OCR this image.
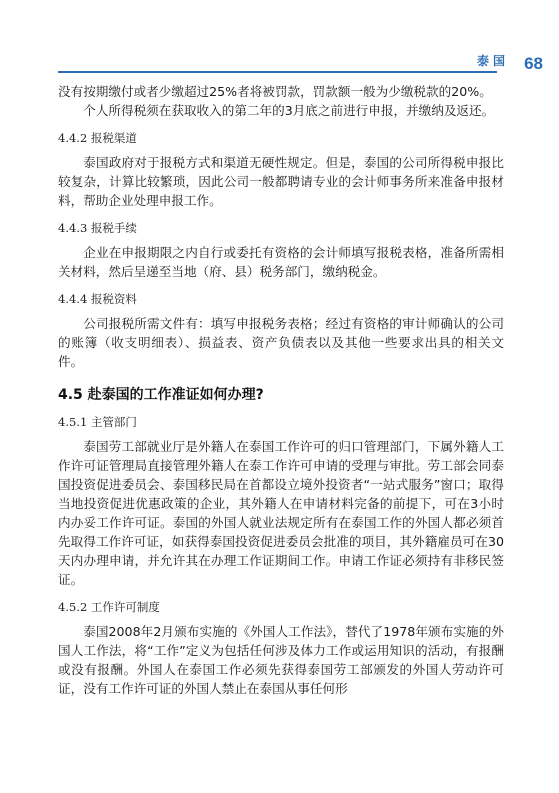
泰国 68

没有按期缴付或者少缴超过25%者将被罚款，罚款额一般为少缴税款的20%。

个人所得税须在获取收入的第二年的3月底之前进行申报，并缴纳及返还。

4.4.2 报税渠道

泰国政府对于报税方式和渠道无硬性规定。但是，泰国的公司所得税申报比较复杂，计算比较繁琐，因此公司一般都聘请专业的会计师事务所来准备申报材料，帮助企业处理申报工作。

4.4.3 报税手续

企业在申报期限之内自行或委托有资格的会计师填写报税表格，准备所需相关材料，然后呈递至当地（府、县）税务部门，缴纳税金。

4.4.4 报税资料

公司报税所需文件有：填写申报税务表格；经过有资格的审计师确认的公司的账簿（收支明细表）、损益表、资产负债表以及其他一些要求出具的相关文件。

4.5 赴泰国的工作准证如何办理?
4.5.1 主管部门

泰国劳工部就业厅是外籍人在泰国工作许可的归口管理部门，下属外籍人工作许可证管理局直接管理外籍人在泰工作许可申请的受理与审批。劳工部会同泰国投资促进委员会、泰国移民局在首都设立境外投资者“一站式服务”窗口；取得当地投资促进优惠政策的企业，其外籍人在申请材料完备的前提下，可在3小时内办妥工作许可证。泰国的外国人就业法规定所有在泰国工作的外国人都必须首先取得工作许可证，如获得泰国投资促进委员会批准的项目，其外籍雇员可在30天内办理申请，并允许其在办理工作证期间工作。申请工作证必须持有非移民签证。

4.5.2 工作许可制度

泰国2008年2月颁布实施的《外国人工作法》，替代了1978年颁布实施的外国人工作法，将“工作”定义为包括任何涉及体力工作或运用知识的活动，有报酬或没有报酬。外国人在泰国工作必须先获得泰国劳工部颁发的外国人劳动许可证，没有工作许可证的外国人禁止在泰国从事任何形
